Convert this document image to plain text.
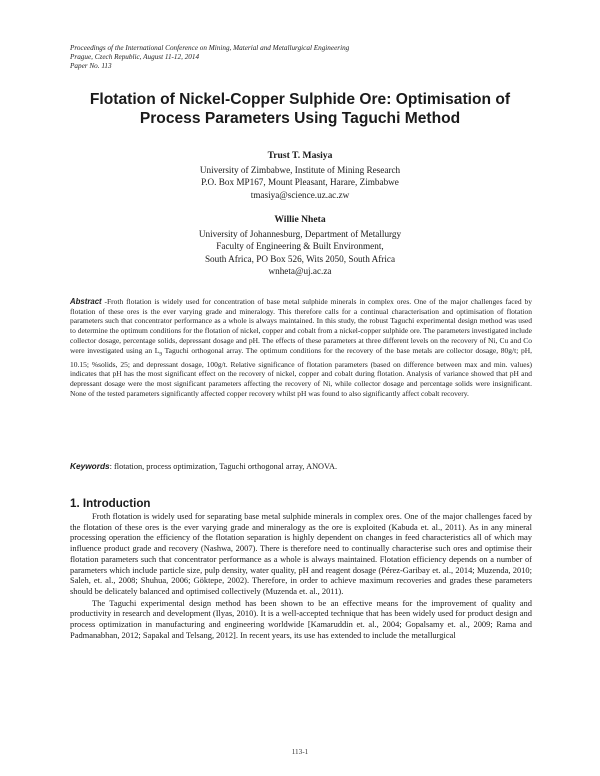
Proceedings of the International Conference on Mining, Material and Metallurgical Engineering
Prague, Czech Republic, August 11-12, 2014
Paper No. 113
Flotation of Nickel-Copper Sulphide Ore: Optimisation of
Process Parameters Using Taguchi Method
Trust T. Masiya
University of Zimbabwe, Institute of Mining Research
P.O. Box MP167, Mount Pleasant, Harare, Zimbabwe
tmasiya@science.uz.ac.zw
Willie Nheta
University of Johannesburg, Department of Metallurgy
Faculty of Engineering & Built Environment,
South Africa, PO Box 526, Wits 2050, South Africa
wnheta@uj.ac.za
Abstract -Froth flotation is widely used for concentration of base metal sulphide minerals in complex ores. One of the major challenges faced by flotation of these ores is the ever varying grade and mineralogy. This therefore calls for a continual characterisation and optimisation of flotation parameters such that concentrator performance as a whole is always maintained. In this study, the robust Taguchi experimental design method was used to determine the optimum conditions for the flotation of nickel, copper and cobalt from a nickel-copper sulphide ore. The parameters investigated include collector dosage, percentage solids, depressant dosage and pH. The effects of these parameters at three different levels on the recovery of Ni, Cu and Co were investigated using an $L_9$ Taguchi orthogonal array. The optimum conditions for the recovery of the base metals are collector dosage, 80g/t; pH, 10.15; %solids, 25; and depressant dosage, 100g/t. Relative significance of flotation parameters (based on difference between max and min. values) indicates that pH has the most significant effect on the recovery of nickel, copper and cobalt during flotation. Analysis of variance showed that pH and depressant dosage were the most significant parameters affecting the recovery of Ni, while collector dosage and percentage solids were insignificant. None of the tested parameters significantly affected copper recovery whilst pH was found to also significantly affect cobalt recovery.
Keywords: flotation, process optimization, Taguchi orthogonal array, ANOVA.
1. Introduction

Froth flotation is widely used for separating base metal sulphide minerals in complex ores. One of the major challenges faced by the flotation of these ores is the ever varying grade and mineralogy as the ore is exploited (Kabuda et. al., 2011). As in any mineral processing operation the efficiency of the flotation separation is highly dependent on changes in feed characteristics all of which may influence product grade and recovery (Nashwa, 2007). There is therefore need to continually characterise such ores and optimise their flotation parameters such that concentrator performance as a whole is always maintained. Flotation efficiency depends on a number of parameters which include particle size, pulp density, water quality, pH and reagent dosage (Pérez-Garibay et. al., 2014; Muzenda, 2010; Saleh, et. al., 2008; Shuhua, 2006; Göktepe, 2002). Therefore, in order to achieve maximum recoveries and grades these parameters should be delicately balanced and optimised collectively (Muzenda et. al., 2011).

The Taguchi experimental design method has been shown to be an effective means for the improvement of quality and productivity in research and development (Ilyas, 2010). It is a well-accepted technique that has been widely used for product design and process optimization in manufacturing and engineering worldwide [Kamaruddin et. al., 2004; Gopalsamy et. al., 2009; Rama and Padmanabhan, 2012; Sapakal and Telsang, 2012]. In recent years, its use has extended to include the metallurgical

113-1
